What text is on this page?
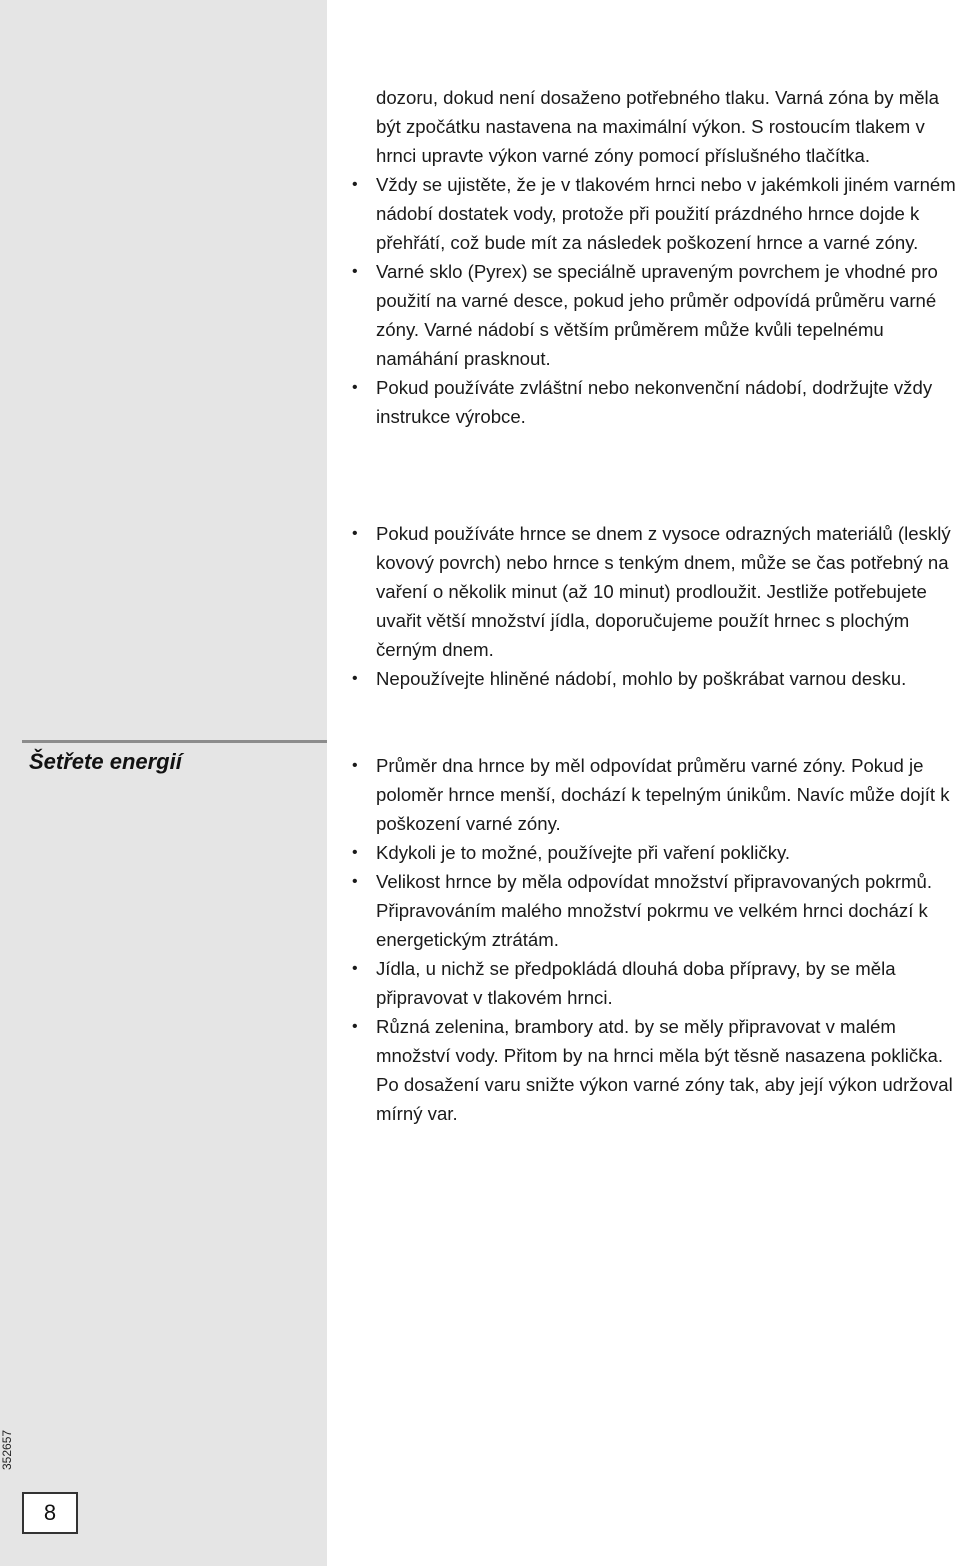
Šetřete energií
352657
8
dozoru, dokud není dosaženo potřebného tlaku. Varná zóna by měla být zpočátku nastavena na maximální výkon. S rostoucím tlakem v hrnci upravte výkon varné zóny pomocí příslušného tlačítka.
• Vždy se ujistěte, že je v tlakovém hrnci nebo v jakémkoli jiném varném nádobí dostatek vody, protože při použití prázdného hrnce dojde k přehřátí, což bude mít za následek poškození hrnce a varné zóny.
• Varné sklo (Pyrex) se speciálně upraveným povrchem je vhodné pro použití na varné desce, pokud jeho průměr odpovídá průměru varné zóny. Varné nádobí s větším průměrem může kvůli tepelnému namáhání prasknout.
• Pokud používáte zvláštní nebo nekonvenční nádobí, dodržujte vždy instrukce výrobce.
• Pokud používáte hrnce se dnem z vysoce odrazných materiálů (lesklý kovový povrch) nebo hrnce s tenkým dnem, může se čas potřebný na vaření o několik minut (až 10 minut) prodloužit. Jestliže potřebujete uvařit větší množství jídla, doporučujeme použít hrnec s plochým černým dnem.
• Nepoužívejte hliněné nádobí, mohlo by poškrábat varnou desku.
• Průměr dna hrnce by měl odpovídat průměru varné zóny. Pokud je poloměr hrnce menší, dochází k tepelným únikům. Navíc může dojít k poškození varné zóny.
• Kdykoli je to možné, používejte při vaření pokličky.
• Velikost hrnce by měla odpovídat množství připravovaných pokrmů. Připravováním malého množství pokrmu ve velkém hrnci dochází k energetickým ztrátám.
• Jídla, u nichž se předpokládá dlouhá doba přípravy, by se měla připravovat v tlakovém hrnci.
• Různá zelenina, brambory atd. by se měly připravovat v malém množství vody. Přitom by na hrnci měla být těsně nasazena poklička. Po dosažení varu snižte výkon varné zóny tak, aby její výkon udržoval mírný var.
